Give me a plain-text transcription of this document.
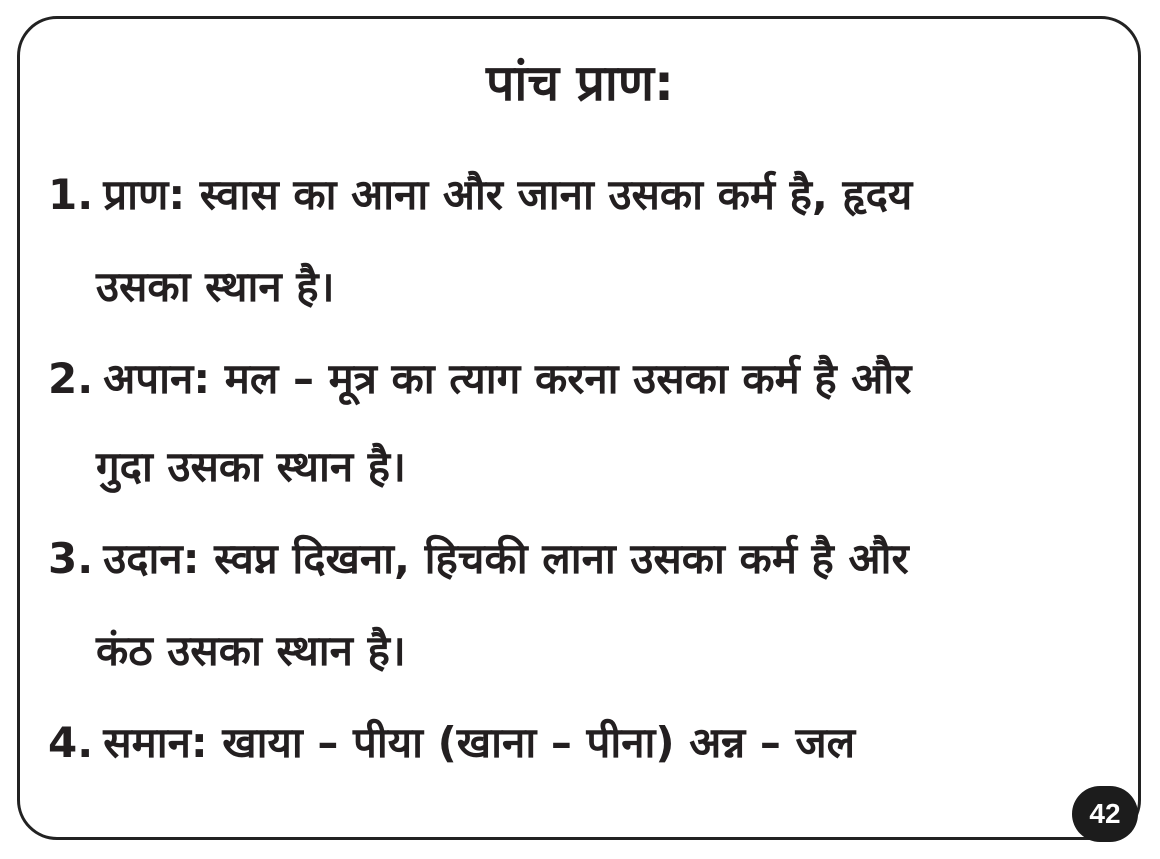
पांच प्राण:
1. प्राण: स्वास का आना और जाना उसका कर्म है, हृदय
उसका स्थान है।
2. अपान: मल – मूत्र का त्याग करना उसका कर्म है और
गुदा उसका स्थान है।
3. उदान: स्वप्न दिखना, हिचकी लाना उसका कर्म है और
कंठ उसका स्थान है।
4. समान: खाया – पीया (खाना – पीना) अन्न – जल
42
